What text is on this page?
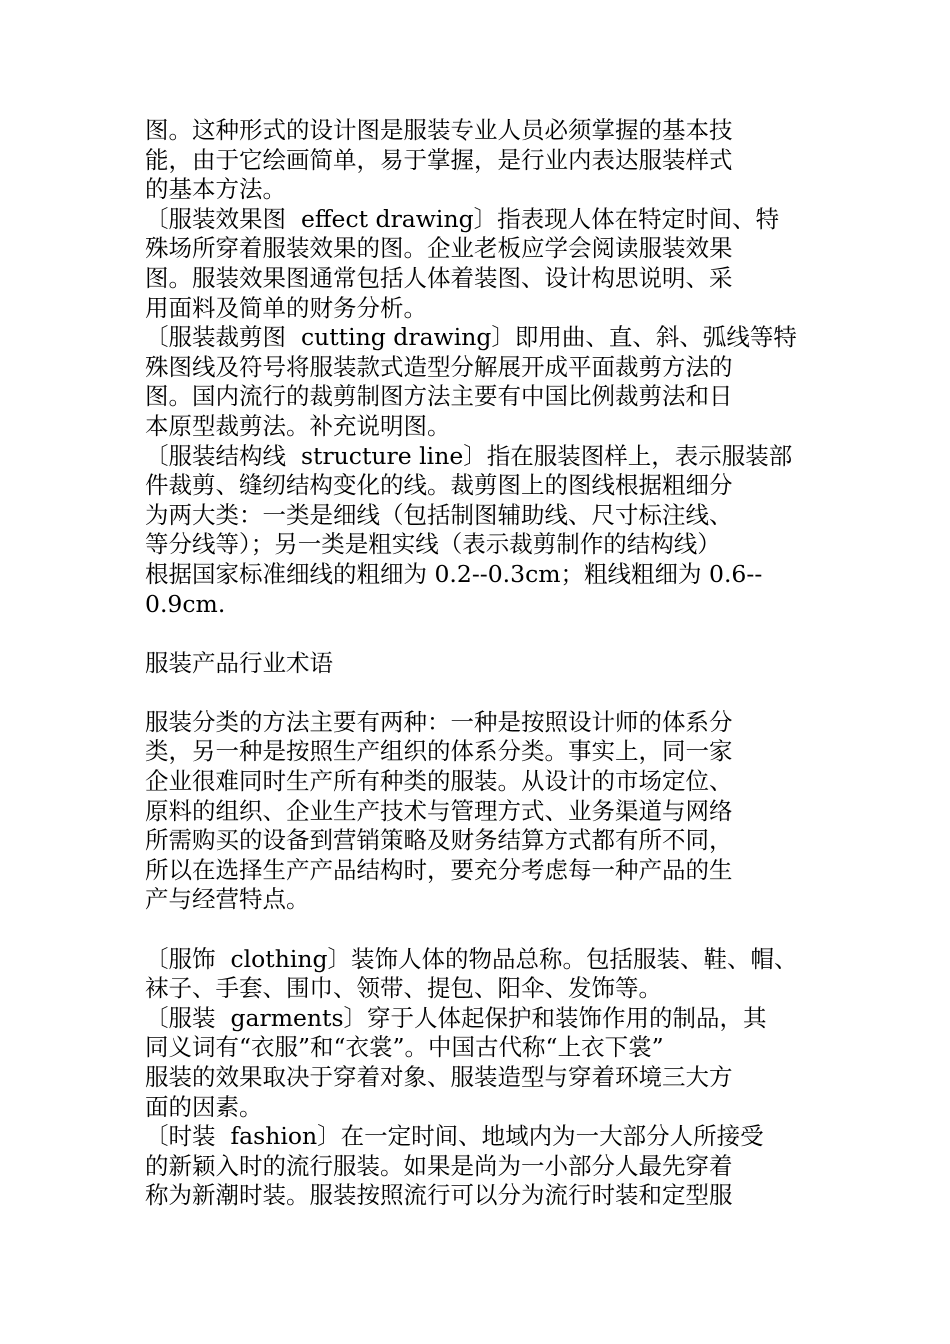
图。这种形式的设计图是服装专业人员必须掌握的基本技
能，由于它绘画简单，易于掌握，是行业内表达服装样式
的基本方法。
〔服装效果图  effect drawing〕指表现人体在特定时间、特
殊场所穿着服装效果的图。企业老板应学会阅读服装效果
图。服装效果图通常包括人体着装图、设计构思说明、采
用面料及简单的财务分析。
〔服装裁剪图  cutting drawing〕即用曲、直、斜、弧线等特
殊图线及符号将服装款式造型分解展开成平面裁剪方法的
图。国内流行的裁剪制图方法主要有中国比例裁剪法和日
本原型裁剪法。补充说明图。
〔服装结构线  structure line〕指在服装图样上，表示服装部
件裁剪、缝纫结构变化的线。裁剪图上的图线根据粗细分
为两大类：一类是细线（包括制图辅助线、尺寸标注线、
等分线等）；另一类是粗实线（表示裁剪制作的结构线）
根据国家标准细线的粗细为 0.2--0.3cm；粗线粗细为 0.6--
0.9cm.
服装产品行业术语
服装分类的方法主要有两种：一种是按照设计师的体系分
类，另一种是按照生产组织的体系分类。事实上，同一家
企业很难同时生产所有种类的服装。从设计的市场定位、
原料的组织、企业生产技术与管理方式、业务渠道与网络
所需购买的设备到营销策略及财务结算方式都有所不同，
所以在选择生产产品结构时，要充分考虑每一种产品的生
产与经营特点。
〔服饰  clothing〕装饰人体的物品总称。包括服装、鞋、帽、
袜子、手套、围巾、领带、提包、阳伞、发饰等。
〔服装  garments〕穿于人体起保护和装饰作用的制品，其
同义词有“衣服”和“衣裳”。中国古代称“上衣下裳”
服装的效果取决于穿着对象、服装造型与穿着环境三大方
面的因素。
〔时装  fashion〕在一定时间、地域内为一大部分人所接受
的新颖入时的流行服装。如果是尚为一小部分人最先穿着
称为新潮时装。服装按照流行可以分为流行时装和定型服
